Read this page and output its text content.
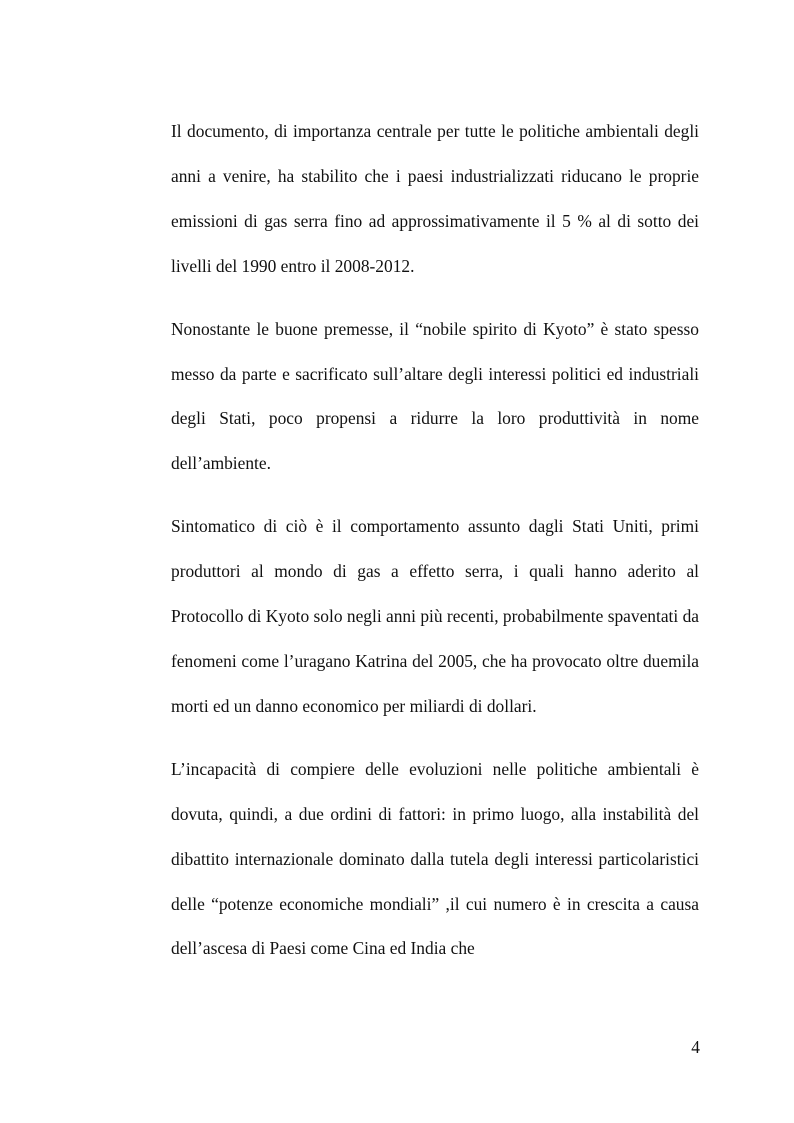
Il documento, di importanza centrale per tutte le politiche ambientali degli anni a venire, ha stabilito che i paesi industrializzati riducano le proprie emissioni di gas serra fino ad approssimativamente il 5 % al di sotto dei livelli del 1990 entro il 2008-2012.

Nonostante le buone premesse, il “nobile spirito di Kyoto” è stato spesso messo da parte e sacrificato sull’altare degli interessi politici ed industriali degli Stati, poco propensi a ridurre la loro produttività in nome dell’ambiente.

Sintomatico di ciò è il comportamento assunto dagli Stati Uniti, primi produttori al mondo di gas a effetto serra, i quali hanno aderito al Protocollo di Kyoto solo negli anni più recenti, probabilmente spaventati da fenomeni come l’uragano Katrina del 2005, che ha provocato oltre duemila morti ed un danno economico per miliardi di dollari.

L’incapacità di compiere delle evoluzioni nelle politiche ambientali è dovuta, quindi, a due ordini di fattori: in primo luogo, alla instabilità del dibattito internazionale dominato dalla tutela degli interessi particolaristici delle “potenze economiche mondiali” ,il cui numero è in crescita a causa dell’ascesa di Paesi come Cina ed India che

4
